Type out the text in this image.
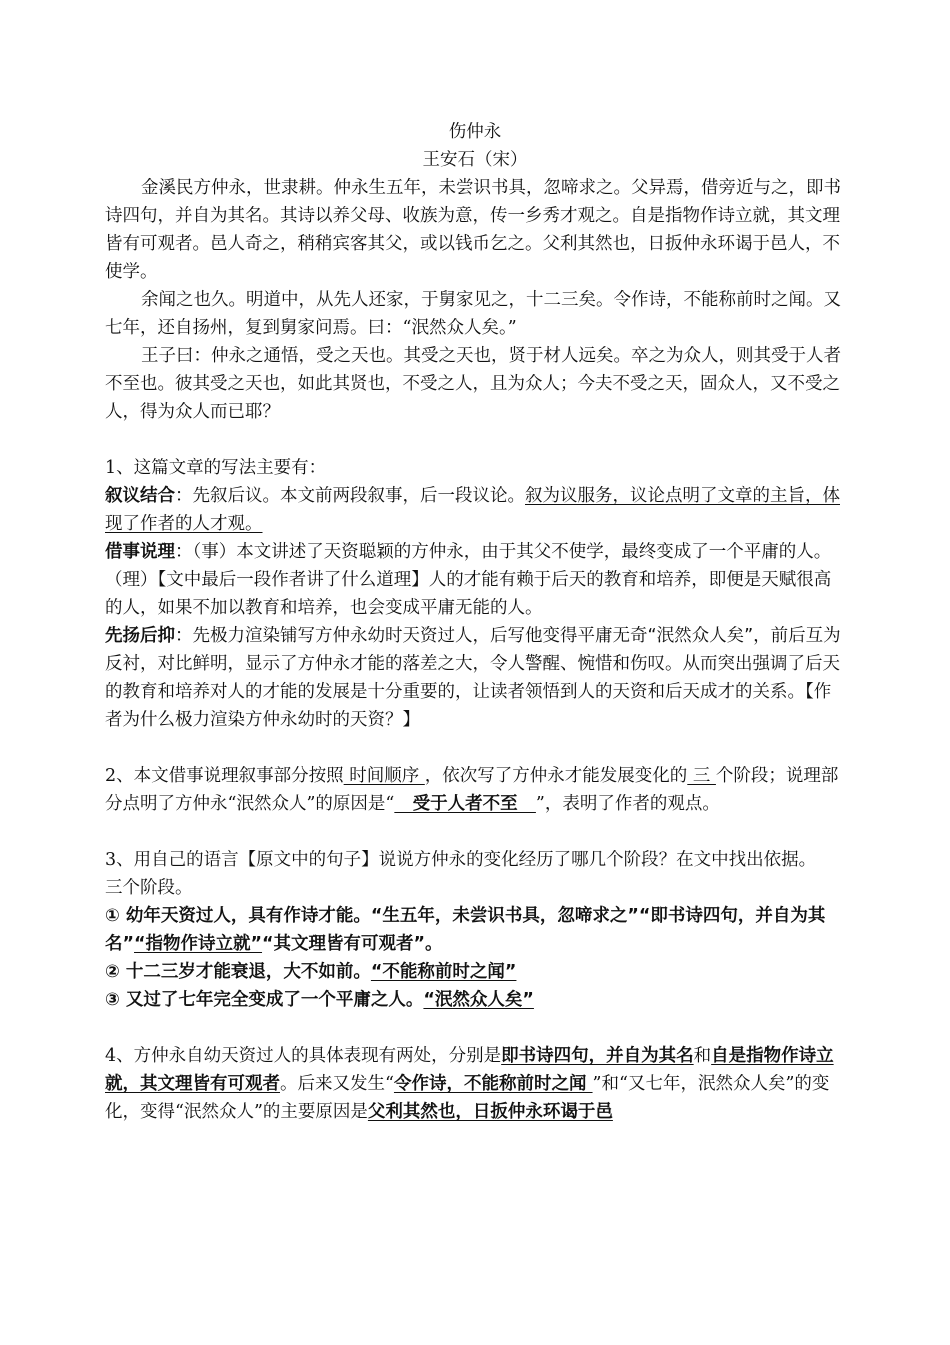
伤仲永

王安石（宋）

金溪民方仲永，世隶耕。仲永生五年，未尝识书具，忽啼求之。父异焉，借旁近与之，即书诗四句，并自为其名。其诗以养父母、收族为意，传一乡秀才观之。自是指物作诗立就，其文理皆有可观者。邑人奇之，稍稍宾客其父，或以钱币乞之。父利其然也，日扳仲永环谒于邑人，不使学。

余闻之也久。明道中，从先人还家，于舅家见之，十二三矣。令作诗，不能称前时之闻。又七年，还自扬州，复到舅家问焉。曰：“泯然众人矣。”

王子曰：仲永之通悟，受之天也。其受之天也，贤于材人远矣。卒之为众人，则其受于人者不至也。彼其受之天也，如此其贤也，不受之人，且为众人；今夫不受之天，固众人，又不受之人，得为众人而已耶？

1、这篇文章的写法主要有：

叙议结合：先叙后议。本文前两段叙事，后一段议论。叙为议服务，议论点明了文章的主旨，体现了作者的人才观。

借事说理：（事）本文讲述了天资聪颖的方仲永，由于其父不使学，最终变成了一个平庸的人。

（理）【文中最后一段作者讲了什么道理】人的才能有赖于后天的教育和培养，即便是天赋很高的人，如果不加以教育和培养，也会变成平庸无能的人。

先扬后抑：先极力渲染铺写方仲永幼时天资过人，后写他变得平庸无奇“泯然众人矣”，前后互为反衬，对比鲜明，显示了方仲永才能的落差之大，令人警醒、惋惜和伤叹。从而突出强调了后天的教育和培养对人的才能的发展是十分重要的，让读者领悟到人的天资和后天成才的关系。【作者为什么极力渲染方仲永幼时的天资？】

2、本文借事说理叙事部分按照 时间顺序 ，依次写了方仲永才能发展变化的 三 个阶段；说理部分点明了方仲永“泯然众人”的原因是“   受于人者不至   ”，表明了作者的观点。

3、用自己的语言【原文中的句子】说说方仲永的变化经历了哪几个阶段？在文中找出依据。

三个阶段。

① 幼年天资过人，具有作诗才能。“生五年，未尝识书具，忽啼求之”“即书诗四句，并自为其名”“指物作诗立就”“其文理皆有可观者”。

② 十二三岁才能衰退，大不如前。“不能称前时之闻”

③ 又过了七年完全变成了一个平庸之人。“泯然众人矣”

4、方仲永自幼天资过人的具体表现有两处，分别是即书诗四句，并自为其名和自是指物作诗立就，其文理皆有可观者。后来又发生“令作诗，不能称前时之闻 ”和“又七年，泯然众人矣”的变化，变得“泯然众人”的主要原因是父利其然也，日扳仲永环谒于邑
